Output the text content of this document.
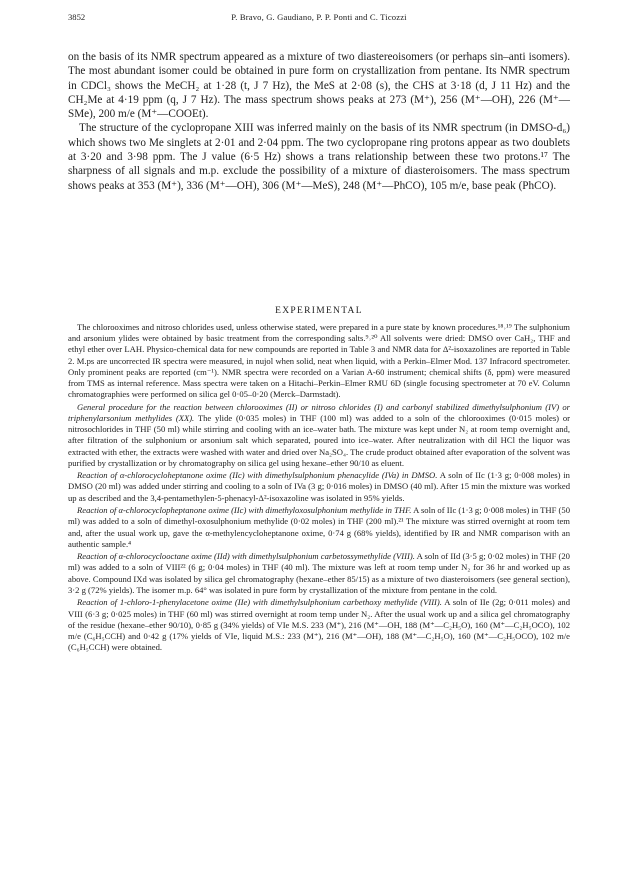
3852	P. Bravo, G. Gaudiano, P. P. Ponti and C. Ticozzi

on the basis of its NMR spectrum appeared as a mixture of two diastereoisomers (or perhaps sin–anti isomers). The most abundant isomer could be obtained in pure form on crystallization from pentane. Its NMR spectrum in CDCl₃ shows the MeCH₂ at 1·28 (t, J 7 Hz), the MeS at 2·08 (s), the CHS at 3·18 (d, J 11 Hz) and the CH₂Me at 4·19 ppm (q, J 7 Hz). The mass spectrum shows peaks at 273 (M⁺), 256 (M⁺—OH), 226 (M⁺—SMe), 200 m/e (M⁺—COOEt).

The structure of the cyclopropane XIII was inferred mainly on the basis of its NMR spectrum (in DMSO-d₆) which shows two Me singlets at 2·01 and 2·04 ppm. The two cyclopropane ring protons appear as two doublets at 3·20 and 3·98 ppm. The J value (6·5 Hz) shows a trans relationship between these two protons.¹⁷ The sharpness of all signals and m.p. exclude the possibility of a mixture of diasteroisomers. The mass spectrum shows peaks at 353 (M⁺), 336 (M⁺—OH), 306 (M⁺—MeS), 248 (M⁺—PhCO), 105 m/e, base peak (PhCO).

EXPERIMENTAL

The chlorooximes and nitroso chlorides used, unless otherwise stated, were prepared in a pure state by known procedures.¹⁸˒¹⁹ The sulphonium and arsonium ylides were obtained by basic treatment from the corresponding salts.⁹˒²⁰ All solvents were dried: DMSO over CaH₂, THF and ethyl ether over LAH. Physico-chemical data for new compounds are reported in Table 3 and NMR data for Δ²-isoxazolines are reported in Table 2. M.ps are uncorrected IR spectra were measured, in nujol when solid, neat when liquid, with a Perkin–Elmer Mod. 137 Infracord spectrometer. Only prominent peaks are reported (cm⁻¹). NMR spectra were recorded on a Varian A-60 instrument; chemical shifts (δ, ppm) were measured from TMS as internal reference. Mass spectra were taken on a Hitachi–Perkin–Elmer RMU 6D (single focusing spectrometer at 70 eV. Column chromatographies were performed on silica gel 0·05–0·20 (Merck–Darmstadt).

General procedure for the reaction between chlorooximes (II) or nitroso chlorides (I) and carbonyl stabilized dimethylsulphonium (IV) or triphenylarsonium methylides (XX). The ylide (0·035 moles) in THF (100 ml) was added to a soln of the chlorooximes (0·015 moles) or nitrosochlorides in THF (50 ml) while stirring and cooling with an ice–water bath. The mixture was kept under N₂ at room temp overnight and, after filtration of the sulphonium or arsonium salt which separated, poured into ice–water. After neutralization with dil HCl the liquor was extracted with ether, the extracts were washed with water and dried over Na₂SO₄. The crude product obtained after evaporation of the solvent was purified by crystallization or by chromatography on silica gel using hexane–ether 90/10 as eluent.

Reaction of α-chlorocycloheptanone oxime (IIc) with dimethylsulphonium phenacylide (IVa) in DMSO. A soln of IIc (1·3 g; 0·008 moles) in DMSO (20 ml) was added under stirring and cooling to a soln of IVa (3 g; 0·016 moles) in DMSO (40 ml). After 15 min the mixture was worked up as described and the 3,4-pentamethylen-5-phenacyl-Δ²-isoxazoline was isolated in 95% yields.

Reaction of α-chlorocyclopheptanone oxime (IIc) with dimethyloxosulphonium methylide in THF. A soln of IIc (1·3 g; 0·008 moles) in THF (50 ml) was added to a soln of dimethyl-oxosulphonium methylide (0·02 moles) in THF (200 ml).²¹ The mixture was stirred overnight at room tem and, after the usual work up, gave the α-methylencycloheptanone oxime, 0·74 g (68% yields), identified by IR and NMR comparison with an authentic sample.⁴

Reaction of α-chlorocyclooctane oxime (IId) with dimethylsulphonium carbetossymethylide (VIII). A soln of IId (3·5 g; 0·02 moles) in THF (20 ml) was added to a soln of VIII²² (6 g; 0·04 moles) in THF (40 ml). The mixture was left at room temp under N₂ for 36 hr and worked up as above. Compound IXd was isolated by silica gel chromatography (hexane–ether 85/15) as a mixture of two diasteroisomers (see general section), 3·2 g (72% yields). The isomer m.p. 64° was isolated in pure form by crystallization of the mixture from pentane in the cold.

Reaction of 1-chloro-1-phenylacetone oxime (IIe) with dimethylsulphonium carbethoxy methylide (VIII). A soln of IIe (2g; 0·011 moles) and VIII (6·3 g; 0·025 moles) in THF (60 ml) was stirred overnight at room temp under N₂. After the usual work up and a silica gel chromatography of the residue (hexane–ether 90/10), 0·85 g (34% yields) of VIe M.S. 233 (M⁺), 216 (M⁺—OH, 188 (M⁺—C₂H₅O), 160 (M⁺—C₂H₅OCO), 102 m/e (C₆H₅CCH) and 0·42 g (17% yields of VIe, liquid M.S.: 233 (M⁺), 216 (M⁺—OH), 188 (M⁺—C₂H₅O), 160 (M⁺—C₂H₅OCO), 102 m/e (C₆H₅CCH) were obtained.
